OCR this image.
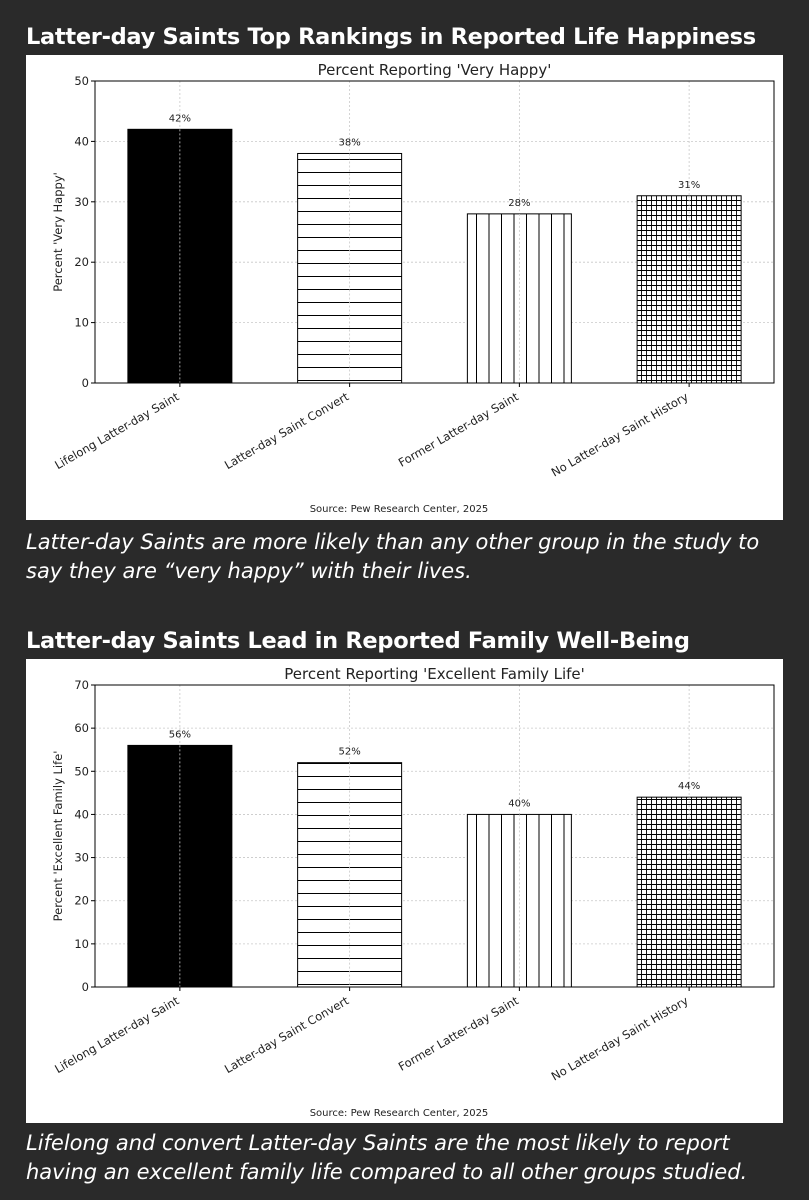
Latter-day Saints Top Rankings in Reported Life Happiness
Percent Reporting 'Very Happy'
0
10
20
30
40
50
42%
38%
28%
31%
Lifelong Latter-day Saint	Latter-day Saint Convert	Former Latter-day Saint No Latter-day Saint History
Percent 'Very Happy'
Source: Pew Research Center, 2025
Latter-day Saints are more likely than any other group in the study to say they are “very happy” with their lives.
Latter-day Saints Lead in Reported Family Well-Being
Percent Reporting 'Excellent Family Life'
0
10
20
30
40
50
60
70
56%
52%
40%
44%
Lifelong Latter-day Saint	Latter-day Saint Convert	Former Latter-day Saint No Latter-day Saint History
Percent 'Excellent Family Life'
Source: Pew Research Center, 2025
Lifelong and convert Latter-day Saints are the most likely to report having an excellent family life compared to all other groups studied.
